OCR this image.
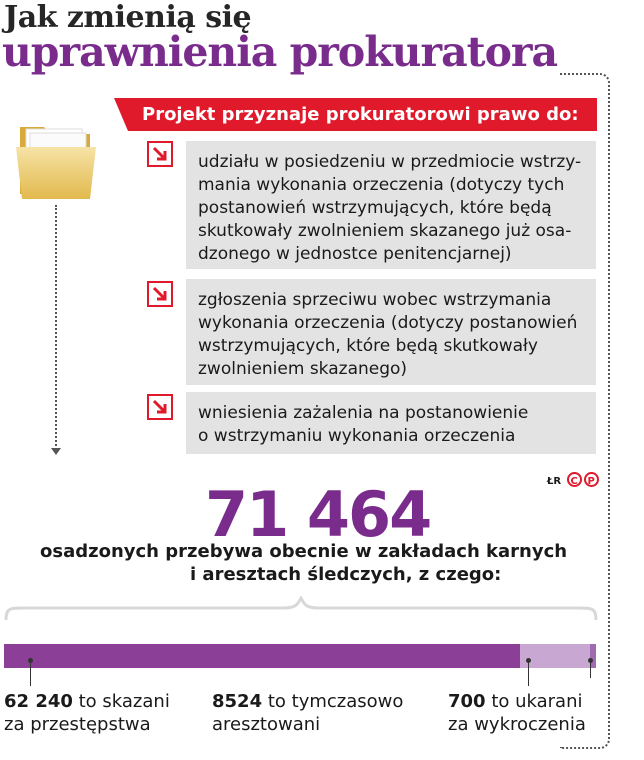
Jak zmienią się
uprawnienia prokuratora
Projekt przyznaje prokuratorowi prawo do:
udziału w posiedzeniu w przedmiocie wstrzy-
mania wykonania orzeczenia (dotyczy tych
postanowień wstrzymujących, które będą
skutkowały zwolnieniem skazanego już osa-
dzonego w jednostce penitencjarnej)
zgłoszenia sprzeciwu wobec wstrzymania
wykonania orzeczenia (dotyczy postanowień
wstrzymujących, które będą skutkowały
zwolnieniem skazanego)
wniesienia zażalenia na postanowienie
o wstrzymaniu wykonania orzeczenia
ŁR C P
71 464
osadzonych przebywa obecnie w zakładach karnych
i aresztach śledczych, z czego:
62 240 to skazani
za przestępstwa
8524 to tymczasowo
aresztowani
700 to ukarani
za wykroczenia
